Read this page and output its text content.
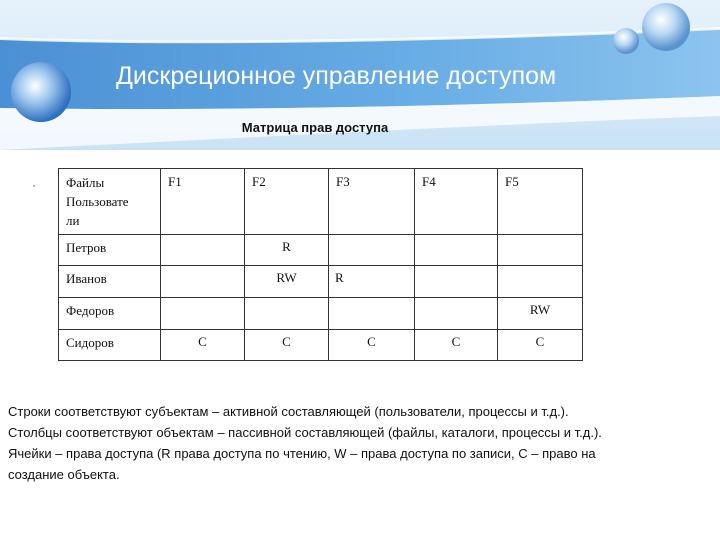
Дискреционное управление доступом
Матрица прав доступа
· Файлы
Пользовате
ли	F1	F2	F3	F4	F5
Петров		R			

Иванов		RW	R		

Федоров					RW

Сидоров	C	C	C	C	C
Строки соответствуют субъектам – активной составляющей (пользователи, процессы и т.д.).
Столбцы соответствуют объектам – пассивной составляющей (файлы, каталоги, процессы и т.д.).
Ячейки – права доступа (R права доступа по чтению, W – права доступа по записи, C – право на
создание объекта.
